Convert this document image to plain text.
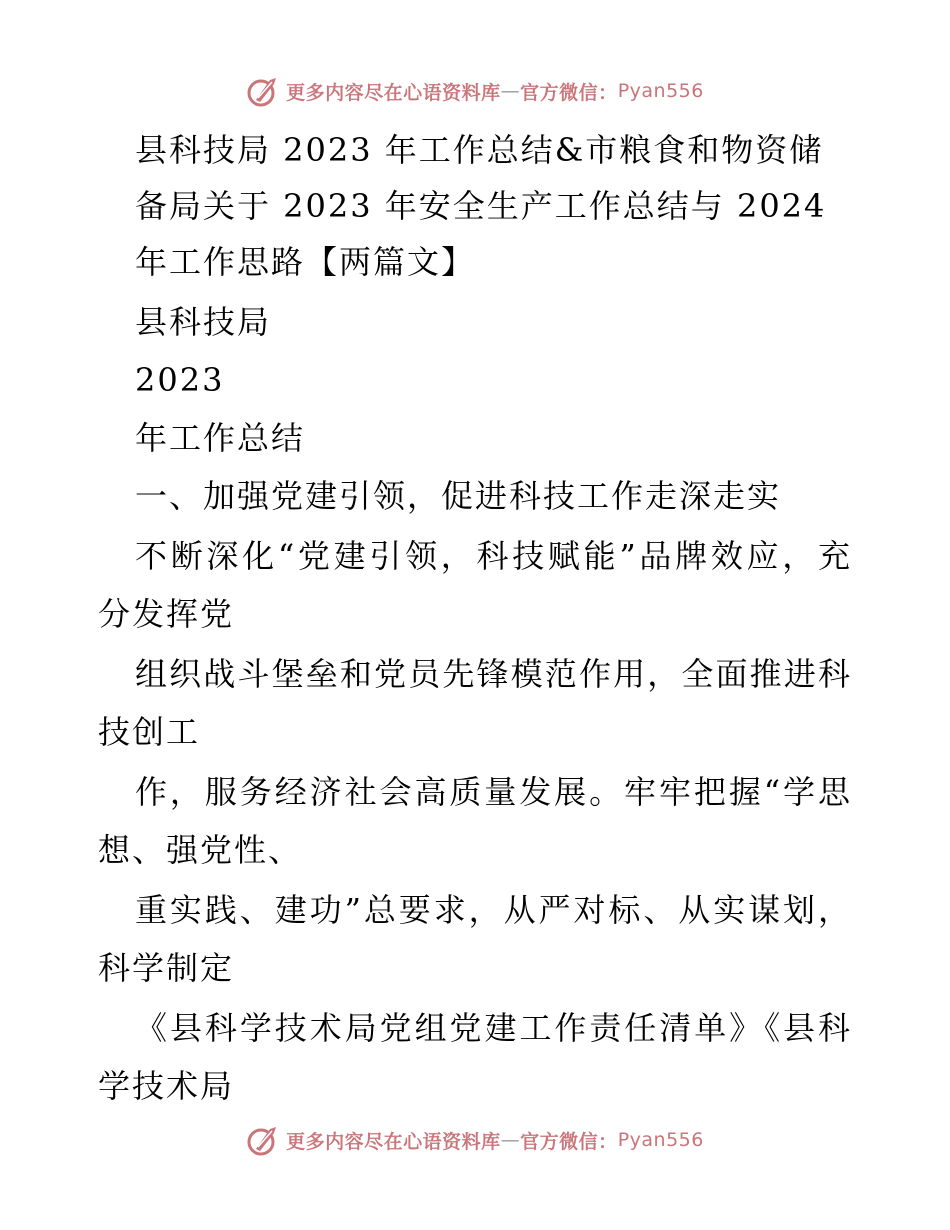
更多内容尽在心语资料库 — 官方微信： Pyan556
县科技局 2023 年工作总结&市粮食和物资储
备局关于 2023 年安全生产工作总结与 2024
年工作思路【两篇文】
县科技局
2023
年工作总结
一、加强党建引领，促进科技工作走深走实
不断深化“党建引领，科技赋能”品牌效应，充
分发挥党
组织战斗堡垒和党员先锋模范作用，全面推进科
技创工
作，服务经济社会高质量发展。牢牢把握“学思
想、强党性、
重实践、建功”总要求，从严对标、从实谋划，
科学制定
《县科学技术局党组党建工作责任清单》《县科
学技术局
更多内容尽在心语资料库 — 官方微信： Pyan556
